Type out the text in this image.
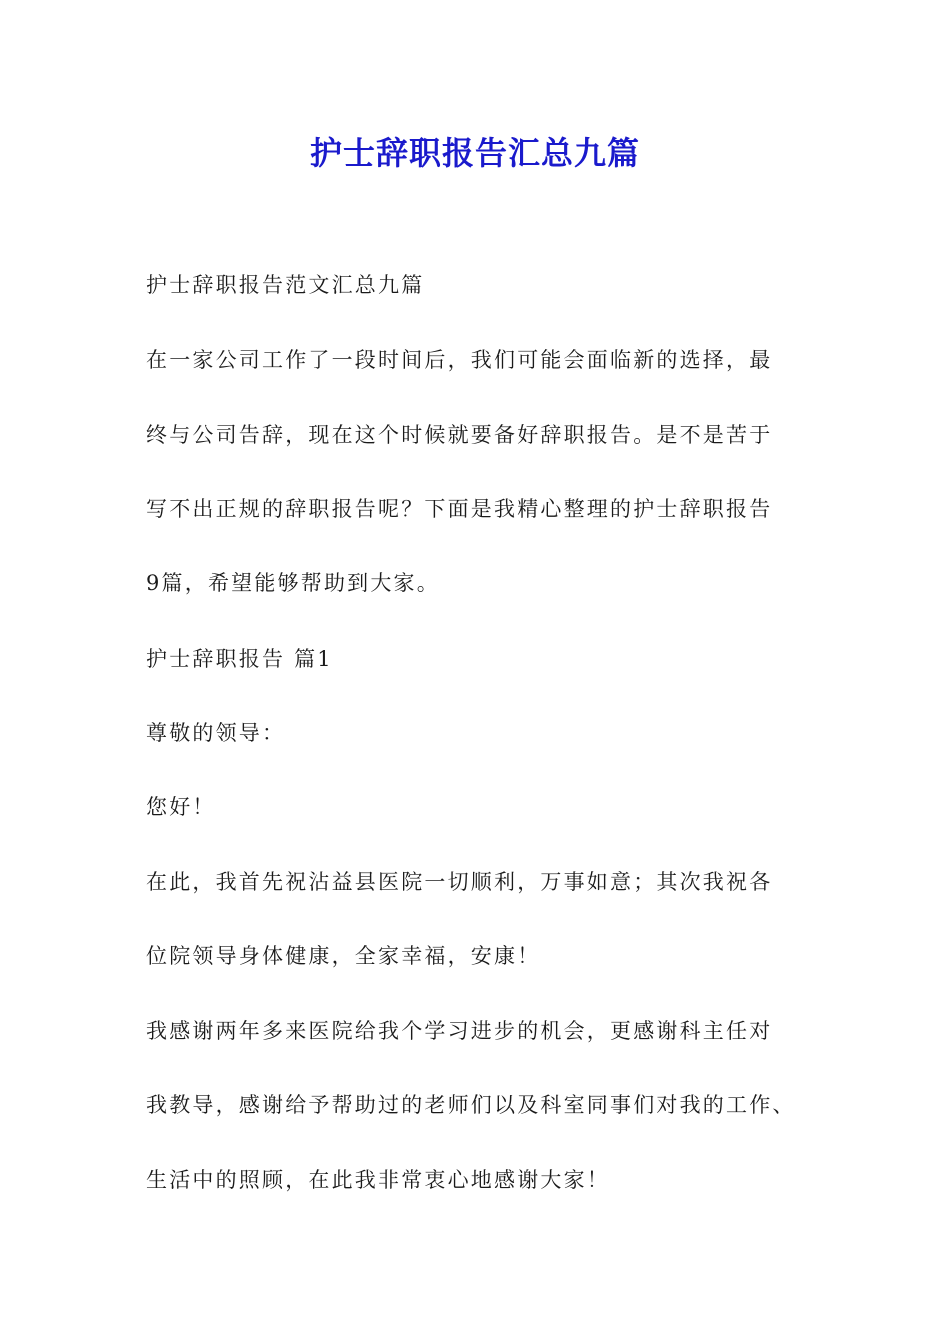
护士辞职报告汇总九篇

护士辞职报告范文汇总九篇

在一家公司工作了一段时间后，我们可能会面临新的选择，最

终与公司告辞，现在这个时候就要备好辞职报告。是不是苦于

写不出正规的辞职报告呢？下面是我精心整理的护士辞职报告

9篇，希望能够帮助到大家。

护士辞职报告 篇1

尊敬的领导：

您好！

在此，我首先祝沾益县医院一切顺利，万事如意；其次我祝各

位院领导身体健康，全家幸福，安康！

我感谢两年多来医院给我个学习进步的机会，更感谢科主任对

我教导，感谢给予帮助过的老师们以及科室同事们对我的工作、

生活中的照顾，在此我非常衷心地感谢大家！
